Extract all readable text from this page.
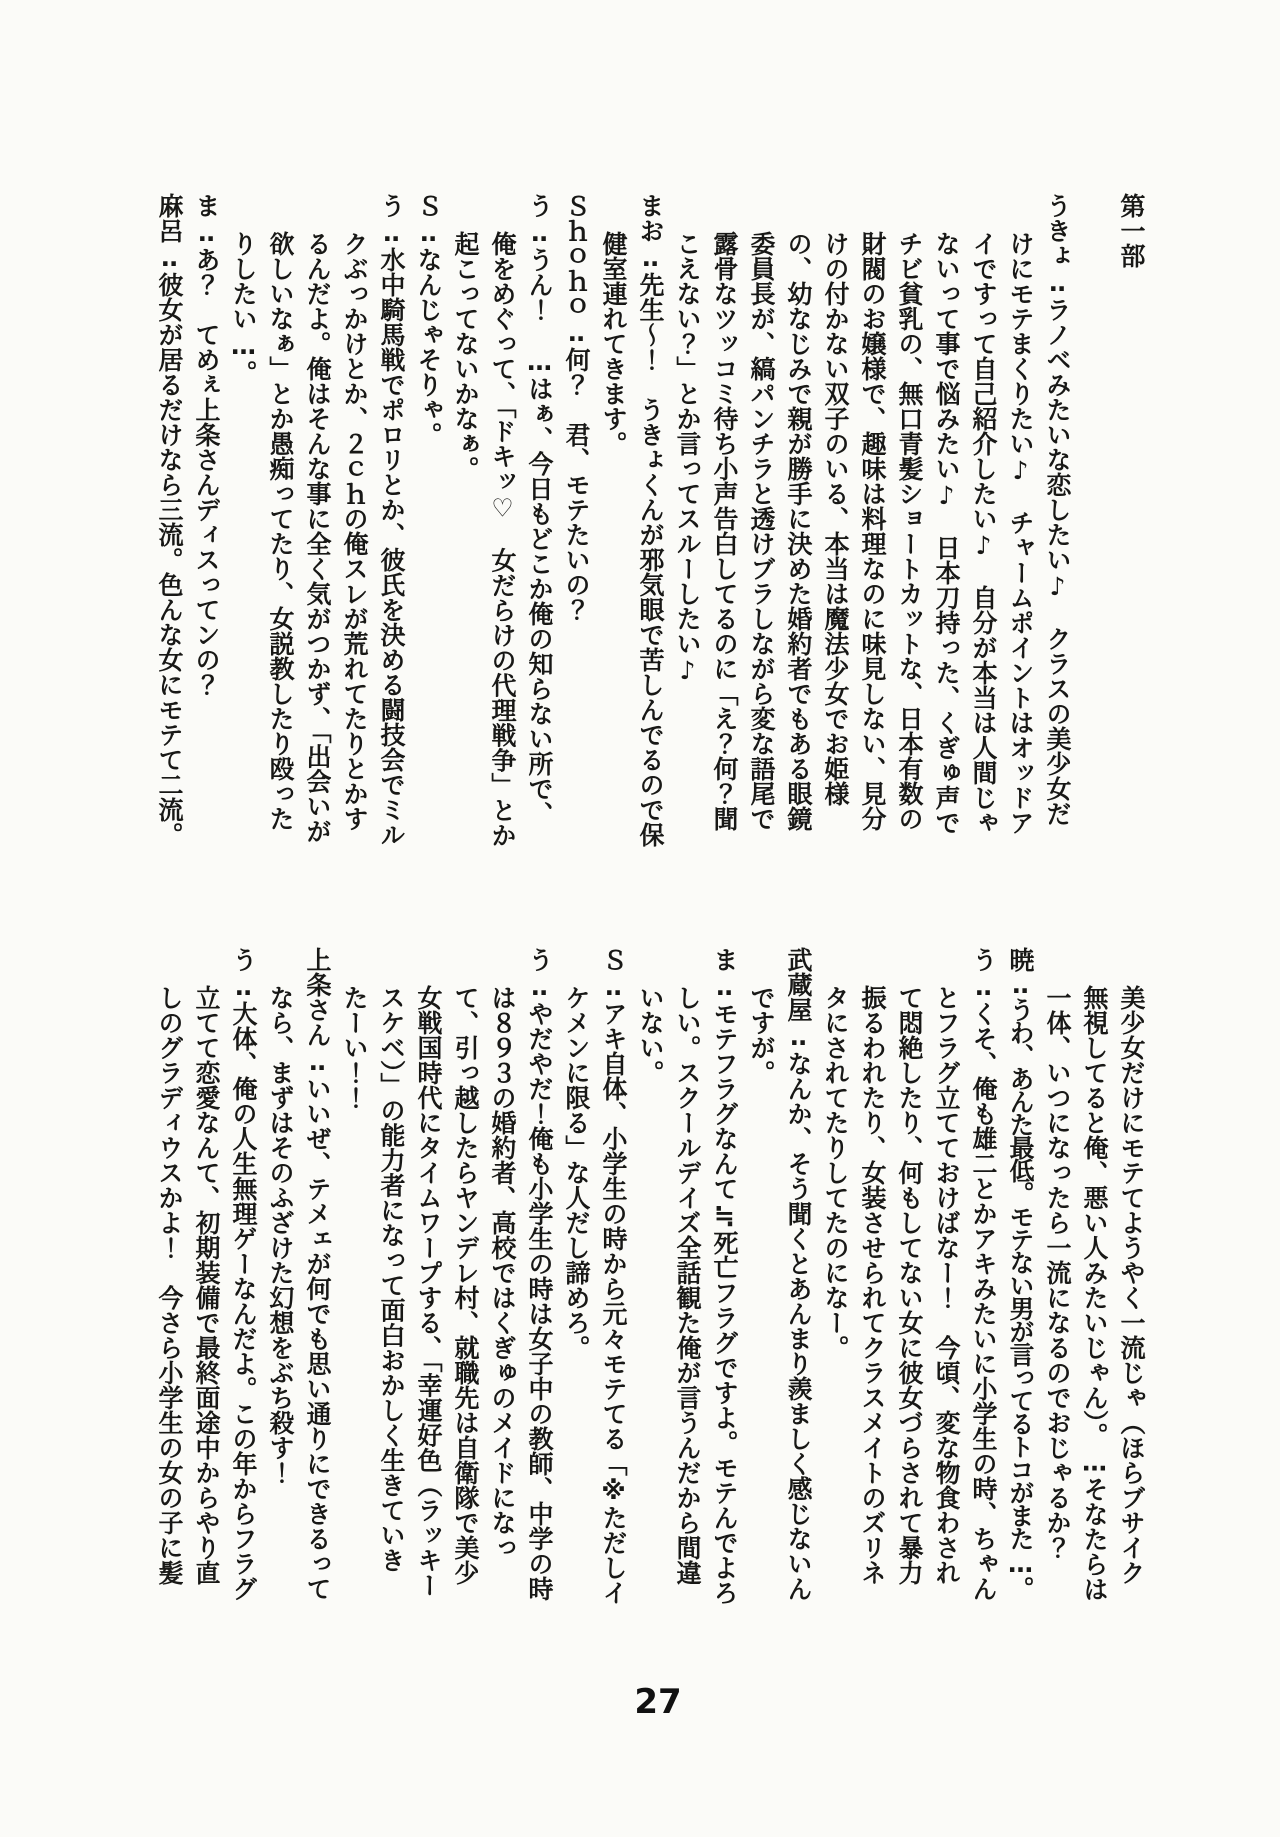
第一部

うきょ‥ラノベみたいな恋したい♪　クラスの美少女だけにモテまくりたい♪　チャームポイントはオッドアイですって自己紹介したい♪　自分が本当は人間じゃないって事で悩みたい♪　日本刀持った、くぎゅ声でチビ貧乳の、無口青髪ショートカットな、日本有数の財閥のお嬢様で、趣味は料理なのに味見しない、見分けの付かない双子のいる、本当は魔法少女でお姫様の、幼なじみで親が勝手に決めた婚約者でもある眼鏡委員長が、縞パンチラと透けブラしながら変な語尾で露骨なツッコミ待ち小声告白してるのに「え？何？聞こえない？」とか言ってスルーしたい♪

まお‥先生～！　うきょくんが邪気眼で苦しんでるので保健室連れてきます。

Ｓｈｏｈｏ‥何？　君、モテたいの？

う‥うん！　…はぁ、今日もどこか俺の知らない所で、俺をめぐって、「ドキッ♡　女だらけの代理戦争」とか起こってないかなぁ。

Ｓ‥なんじゃそりゃ。

う‥水中騎馬戦でポロリとか、彼氏を決める闘技会でミルクぶっかけとか、２ｃｈの俺スレが荒れてたりとかするんだよ。俺はそんな事に全く気がつかず、「出会いが欲しいなぁ」とか愚痴ってたり、女説教したり殴ったりしたい…。

ま‥あ？　てめぇ上条さんディスってンの？

麻呂‥彼女が居るだけなら三流。色んな女にモテて二流。

美少女だけにモテてようやく一流じゃ（ほらブサイク無視してると俺、悪い人みたいじゃん）。…そなたらは一体、いつになったら一流になるのでおじゃるか？

暁‥うわ、あんた最低。モテない男が言ってるトコがまた…。

う‥くそ、俺も雄二とかアキみたいに小学生の時、ちゃんとフラグ立てておけばなー！　今頃、変な物食わされて悶絶したり、何もしてない女に彼女づらされて暴力振るわれたり、女装させられてクラスメイトのズリネタにされてたりしてたのになー。

武蔵屋‥なんか、そう聞くとあんまり羨ましく感じないんですが。

ま‥モテフラグなんて≒死亡フラグですよ。モテんでよろしい。スクールデイズ全話観た俺が言うんだから間違いない。

Ｓ‥アキ自体、小学生の時から元々モテてる「※ただしイケメンに限る」な人だし諦めろ。

う‥やだやだ！俺も小学生の時は女子中の教師、中学の時は８９３の婚約者、高校ではくぎゅのメイドになって、引っ越したらヤンデレ村、就職先は自衛隊で美少女戦国時代にタイムワープする、「幸運好色（ラッキースケベ）」の能力者になって面白おかしく生きていきたーい！！

上条さん‥いいぜ、テメェが何でも思い通りにできるってなら、まずはそのふざけた幻想をぶち殺す！

う‥大体、俺の人生無理ゲーなんだよ。この年からフラグ立てて恋愛なんて、初期装備で最終面途中からやり直しのグラディウスかよ！　今さら小学生の女の子に髪

27
